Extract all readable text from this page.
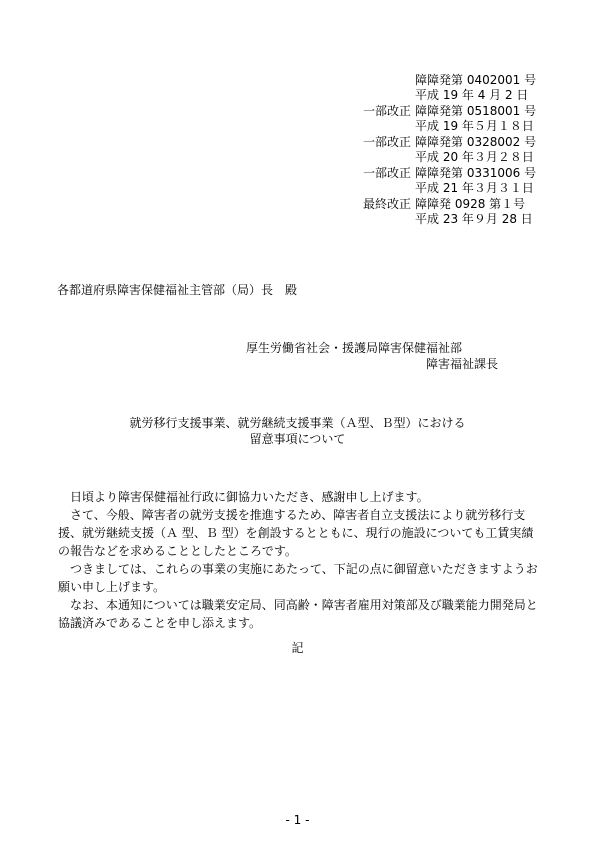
障障発第 0402001 号
平成 19 年 4 月 2 日
一部改正 障障発第 0518001 号
平成 19 年５月１８日
一部改正 障障発第 0328002 号
平成 20 年３月２８日
一部改正 障障発第 0331006 号
平成 21 年３月３１日
最終改正 障障発 0928 第１号
平成 23 年９月 28 日
各都道府県障害保健福祉主管部（局）長　殿
厚生労働省社会・援護局障害保健福祉部
障害福祉課長
就労移行支援事業、就労継続支援事業（Ａ型、Ｂ型）における
留意事項について

日頃より障害保健福祉行政に御協力いただき、感謝申し上げます。

さて、今般、障害者の就労支援を推進するため、障害者自立支援法により就労移行支援、就労継続支援（Ａ 型、Ｂ 型）を創設するとともに、現行の施設についても工賃実績の報告などを求めることとしたところです。

つきましては、これらの事業の実施にあたって、下記の点に御留意いただきますようお願い申し上げます。

なお、本通知については職業安定局、同高齢・障害者雇用対策部及び職業能力開発局と協議済みであることを申し添えます。

記
- 1 -
